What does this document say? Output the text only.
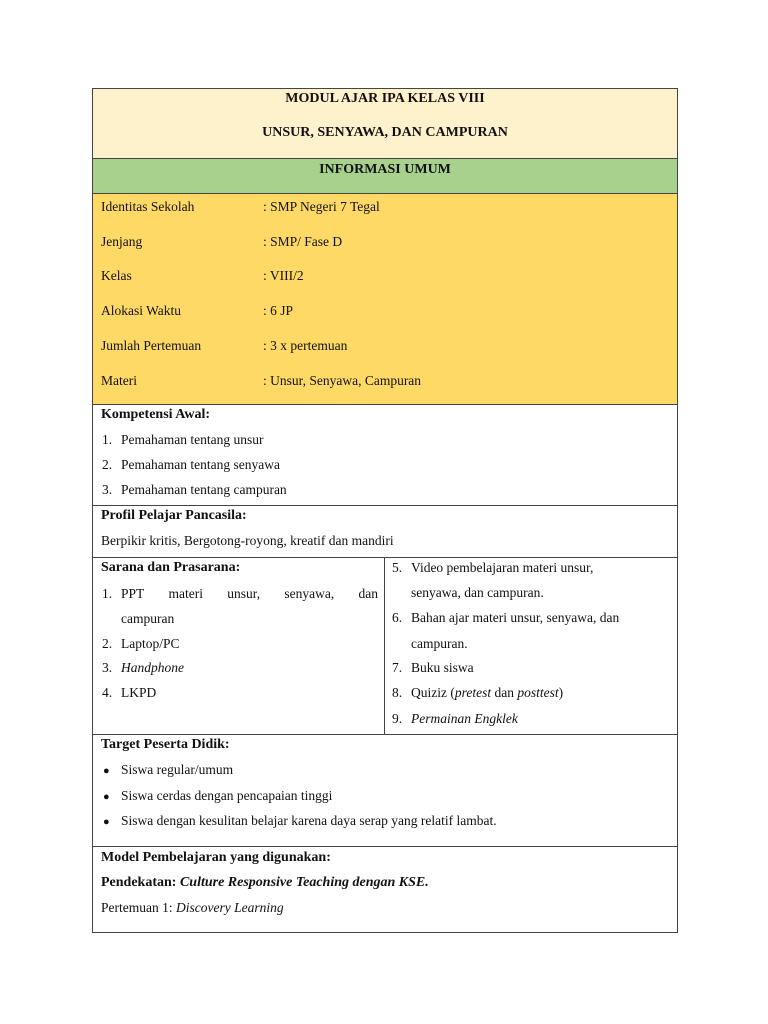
MODUL AJAR IPA KELAS VIII
UNSUR, SENYAWA, DAN CAMPURAN
INFORMASI UMUM
Identitas Sekolah	: SMP Negeri 7 Tegal
Jenjang	: SMP/ Fase D
Kelas	: VIII/2
Alokasi Waktu	: 6 JP
Jumlah Pertemuan	: 3 x pertemuan
Materi	: Unsur, Senyawa, Campuran
Kompetensi Awal:
1. Pemahaman tentang unsur
2. Pemahaman tentang senyawa
3. Pemahaman tentang campuran
Profil Pelajar Pancasila:
Berpikir kritis, Bergotong-royong, kreatif dan mandiri
Sarana dan Prasarana:
1. PPT materi unsur, senyawa, dan
campuran
2. Laptop/PC
3. Handphone
4. LKPD
5. Video pembelajaran materi unsur,
senyawa, dan campuran.
6. Bahan ajar materi unsur, senyawa, dan
campuran.
7. Buku siswa
8. Quiziz (pretest dan posttest)
9. Permainan Engklek
Target Peserta Didik:
● Siswa regular/umum
● Siswa cerdas dengan pencapaian tinggi
● Siswa dengan kesulitan belajar karena daya serap yang relatif lambat.
Model Pembelajaran yang digunakan:
Pendekatan: Culture Responsive Teaching dengan KSE.
Pertemuan 1: Discovery Learning
